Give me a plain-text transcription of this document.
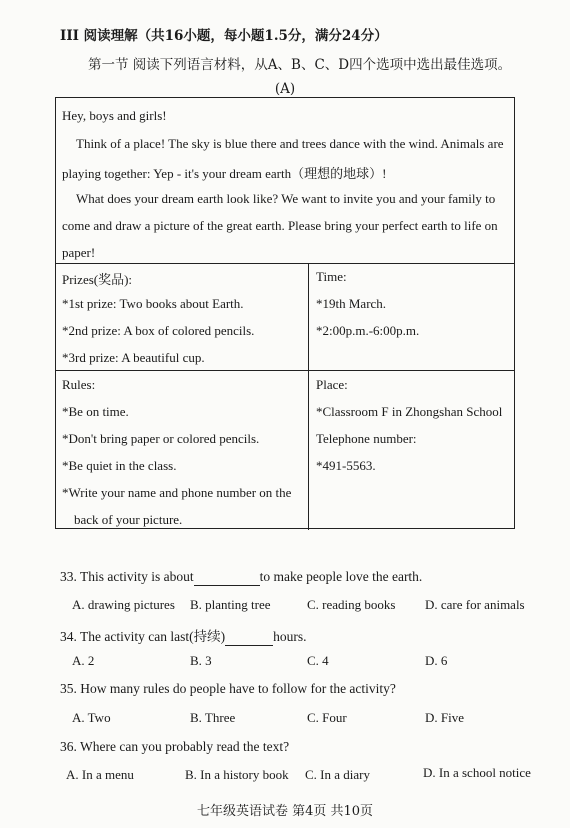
III 阅读理解（共16小题，每小题1.5分，满分24分）
第一节 阅读下列语言材料，从A、B、C、D四个选项中选出最佳选项。
(A)
Hey, boys and girls!
Think of a place! The sky is blue there and trees dance with the wind. Animals are
playing together: Yep - it's your dream earth（理想的地球）!
What does your dream earth look like? We want to invite you and your family to
come and draw a picture of the great earth. Please bring your perfect earth to life on
paper!
Prizes(奖品):
*1st prize: Two books about Earth.
*2nd prize: A box of colored pencils.
*3rd prize: A beautiful cup.
Time:
*19th March.
*2:00p.m.-6:00p.m.
Rules:
*Be on time.
*Don't bring paper or colored pencils.
*Be quiet in the class.
*Write your name and phone number on the
back of your picture.
Place:
*Classroom F in Zhongshan School
Telephone number:
*491-5563.
33. This activity is about	to make people love the earth.
A. drawing pictures B. planting tree	C. reading books D. care for animals
34. The activity can last(持续)	hours.
A. 2	B. 3	C. 4	D. 6
35. How many rules do people have to follow for the activity?
A. Two	B. Three	C. Four	D. Five
36. Where can you probably read the text?
A. In a menu	B. In a history book C. In a diary	D. In a school notice
七年级英语试卷 第4页 共10页
